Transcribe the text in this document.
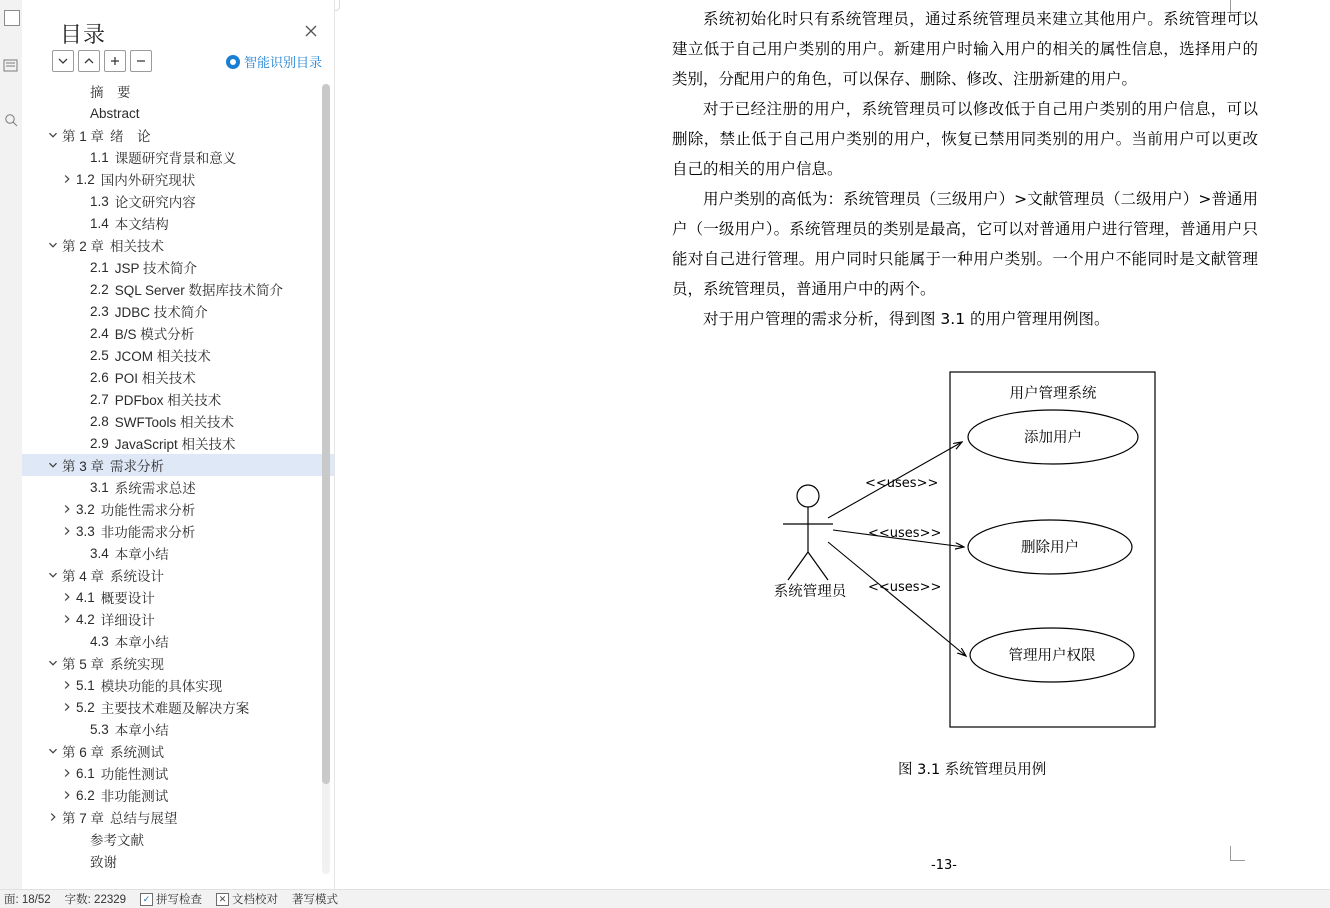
系统初始化时只有系统管理员，通过系统管理员来建立其他用户。系统管理可以建立低于自己用户类别的用户。新建用户时输入用户的相关的属性信息，选择用户的类别，分配用户的角色，可以保存、删除、修改、注册新建的用户。

对于已经注册的用户，系统管理员可以修改低于自己用户类别的用户信息，可以删除，禁止低于自己用户类别的用户，恢复已禁用同类别的用户。当前用户可以更改自己的相关的用户信息。

用户类别的高低为：系统管理员（三级用户）>文献管理员（二级用户）>普通用户（一级用户）。系统管理员的类别是最高，它可以对普通用户进行管理，普通用户只能对自己进行管理。用户同时只能属于一种用户类别。一个用户不能同时是文献管理员，系统管理员，普通用户中的两个。

对于用户管理的需求分析，得到图 3.1 的用户管理用例图。

用户管理系统
添加用户
删除用户
管理用户权限
系统管理员
<<uses>>
<<uses>>
<<uses>>
图 3.1 系统管理员用例
-13-
目录
智能识别目录
摘　要
Abstract
第 1 章 绪　论
1.1 课题研究背景和意义
1.2 国内外研究现状
1.3 论文研究内容
1.4 本文结构
第 2 章 相关技术
2.1 JSP 技术简介
2.2 SQL Server 数据库技术简介
2.3 JDBC 技术简介
2.4 B/S 模式分析
2.5 JCOM 相关技术
2.6 POI 相关技术
2.7 PDFbox 相关技术
2.8 SWFTools 相关技术
2.9 JavaScript 相关技术
第 3 章 需求分析
3.1 系统需求总述
3.2 功能性需求分析
3.3 非功能需求分析
3.4 本章小结
第 4 章 系统设计
4.1 概要设计
4.2 详细设计
4.3 本章小结
第 5 章 系统实现
5.1 模块功能的具体实现
5.2 主要技术难题及解决方案
5.3 本章小结
第 6 章 系统测试
6.1 功能性测试
6.2 非功能测试
第 7 章 总结与展望
参考文献
致谢
面: 18/52 字数: 22329	✓ 拼写检查	✕ 文档校对 著写模式
